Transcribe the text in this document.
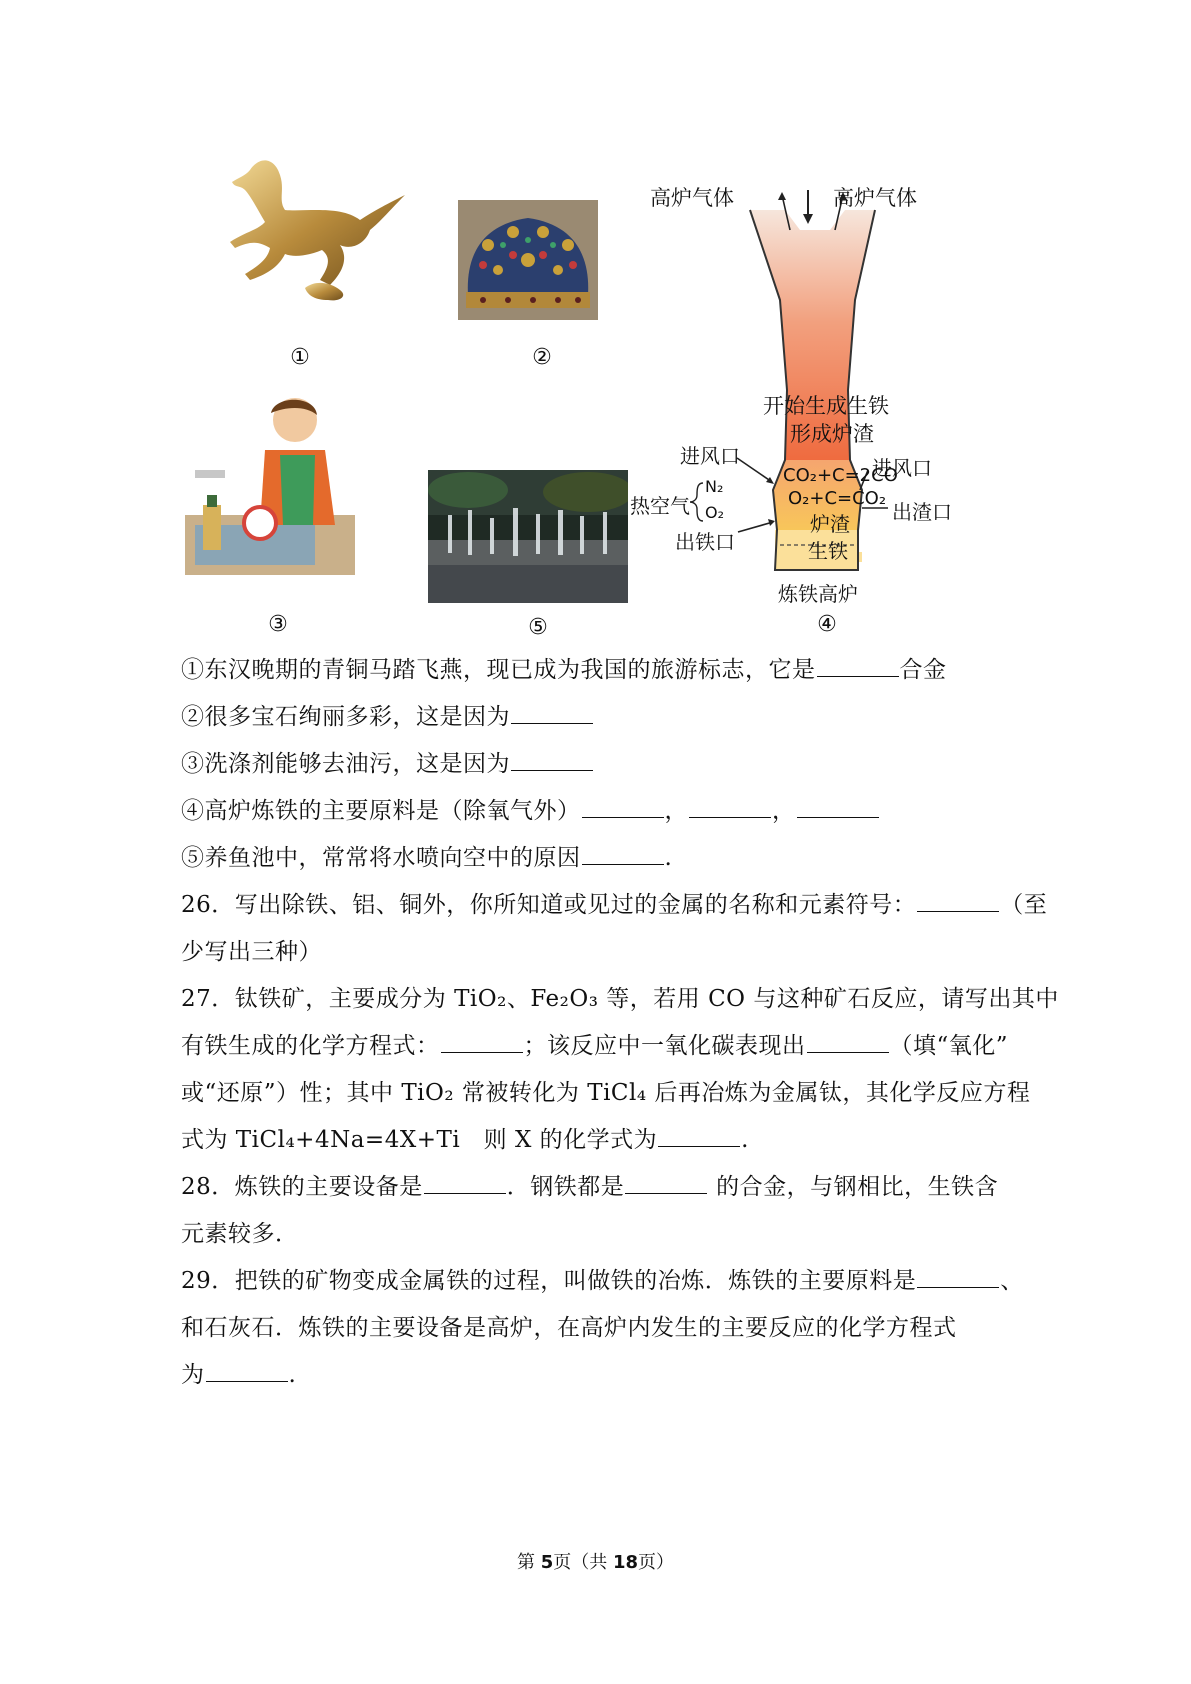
①	②
③	⑤
高炉气体	高炉气体
开始生成生铁
形成炉渣
CO₂+C=2CO
O₂+C=CO₂
炉渣
生铁
进风口	进风口
热空气
N₂
O₂
出铁口
出渣口
炼铁高炉
④
①东汉晚期的青铜马踏飞燕，现已成为我国的旅游标志，它是	合金
②很多宝石绚丽多彩，这是因为
③洗涤剂能够去油污，这是因为
④高炉炼铁的主要原料是（除氧气外）	，	，
⑤养鱼池中，常常将水喷向空中的原因	.
26．写出除铁、铝、铜外，你所知道或见过的金属的名称和元素符号：	（至
少写出三种）
27．钛铁矿，主要成分为 TiO₂、Fe₂O₃ 等，若用 CO 与这种矿石反应，请写出其中
有铁生成的化学方程式：	；该反应中一氧化碳表现出	（填“氧化”
或“还原”）性；其中 TiO₂ 常被转化为 TiCl₄ 后再冶炼为金属钛，其化学反应方程
式为 TiCl₄+4Na=4X+Ti　则 X 的化学式为	.
28．炼铁的主要设备是	．钢铁都是	的合金，与钢相比，生铁含
元素较多．
29．把铁的矿物变成金属铁的过程，叫做铁的冶炼．炼铁的主要原料是	、
和石灰石．炼铁的主要设备是高炉，在高炉内发生的主要反应的化学方程式
为	.
第 5页（共 18页）
